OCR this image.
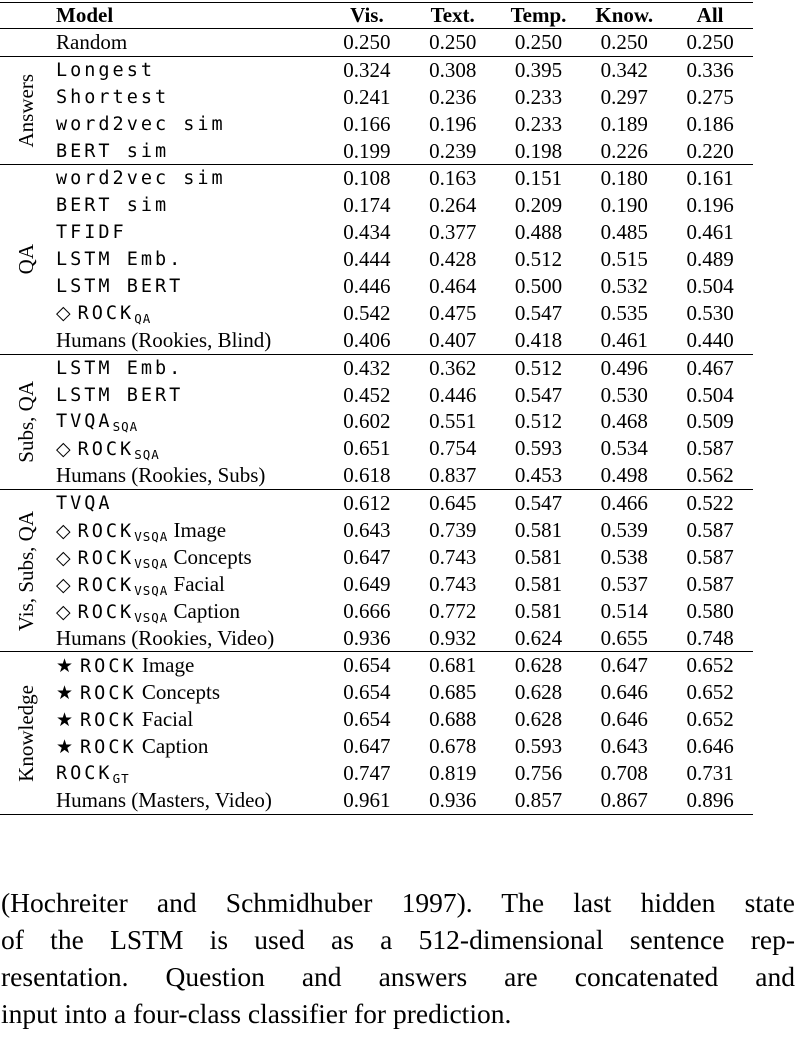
Model	Vis.	Text.	Temp.	Know.	All
Random	0.250	0.250	0.250	0.250	0.250
Answers
Longest	0.324	0.308	0.395	0.342	0.336
Shortest	0.241	0.236	0.233	0.297	0.275
word2vec sim	0.166	0.196	0.233	0.189	0.186
BERT sim	0.199	0.239	0.198	0.226	0.220
QA
word2vec sim	0.108	0.163	0.151	0.180	0.161
BERT sim	0.174	0.264	0.209	0.190	0.196
TFIDF	0.434	0.377	0.488	0.485	0.461
LSTM Emb.	0.444	0.428	0.512	0.515	0.489
LSTM BERT	0.446	0.464	0.500	0.532	0.504
◇ $ROCK_{QA}$	0.542	0.475	0.547	0.535	0.530
Humans (Rookies, Blind)	0.406	0.407	0.418	0.461	0.440
Subs, QA
LSTM Emb.	0.432	0.362	0.512	0.496	0.467
LSTM BERT	0.452	0.446	0.547	0.530	0.504
$TVQA_{SQA}$	0.602	0.551	0.512	0.468	0.509
◇ $ROCK_{SQA}$	0.651	0.754	0.593	0.534	0.587
Humans (Rookies, Subs)	0.618	0.837	0.453	0.498	0.562
Vis, Subs, QA
TVQA	0.612	0.645	0.547	0.466	0.522
◇ $ROCK_{VSQA}$ Image	0.643	0.739	0.581	0.539	0.587
◇ $ROCK_{VSQA}$ Concepts	0.647	0.743	0.581	0.538	0.587
◇ $ROCK_{VSQA}$ Facial	0.649	0.743	0.581	0.537	0.587
◇ $ROCK_{VSQA}$ Caption	0.666	0.772	0.581	0.514	0.580
Humans (Rookies, Video)	0.936	0.932	0.624	0.655	0.748
Knowledge
★ ROCK Image	0.654	0.681	0.628	0.647	0.652
★ ROCK Concepts	0.654	0.685	0.628	0.646	0.652
★ ROCK Facial	0.654	0.688	0.628	0.646	0.652
★ ROCK Caption	0.647	0.678	0.593	0.643	0.646
$ROCK_{GT}$	0.747	0.819	0.756	0.708	0.731
Humans (Masters, Video)	0.961	0.936	0.857	0.867	0.896
(Hochreiter and Schmidhuber 1997). The last hidden state
of the LSTM is used as a 512-dimensional sentence rep-
resentation. Question and answers are concatenated and
input into a four-class classifier for prediction.
